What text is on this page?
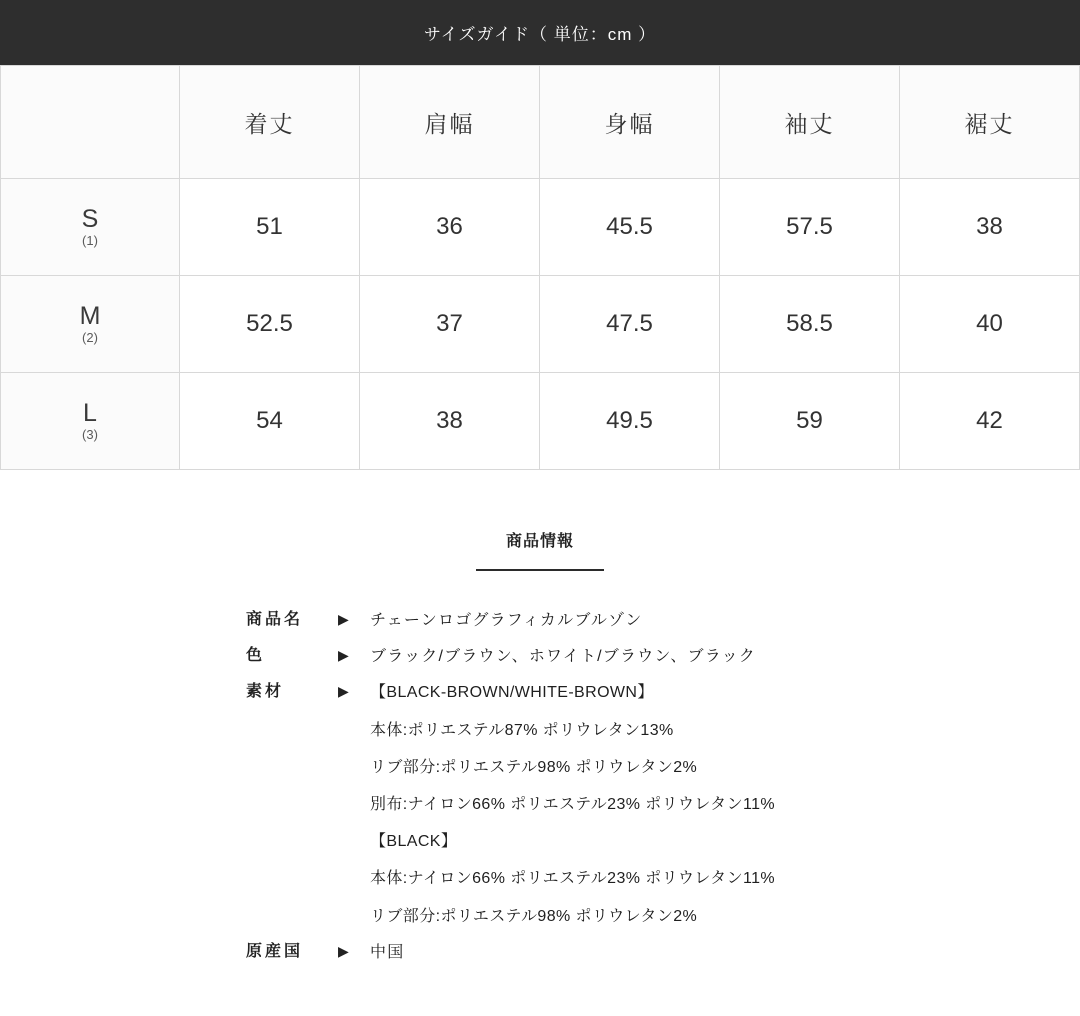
サイズガイド（ 単位：cm ）
	着丈	肩幅	身幅	袖丈	裾丈

S
(1)	51	36	45.5	57.5	38

M
(2)	52.5	37	47.5	58.5	40

L
(3)	54	38	49.5	59	42
商品情報
商品名	▶	チェーンロゴグラフィカルブルゾン
色	▶	ブラック/ブラウン、ホワイト/ブラウン、ブラック
素材	▶	【BLACK-BROWN/WHITE-BROWN】
本体:ポリエステル87% ポリウレタン13%
リブ部分:ポリエステル98% ポリウレタン2%
別布:ナイロン66% ポリエステル23% ポリウレタン11%
【BLACK】
本体:ナイロン66% ポリエステル23% ポリウレタン11%
リブ部分:ポリエステル98% ポリウレタン2%
原産国	▶	中国
